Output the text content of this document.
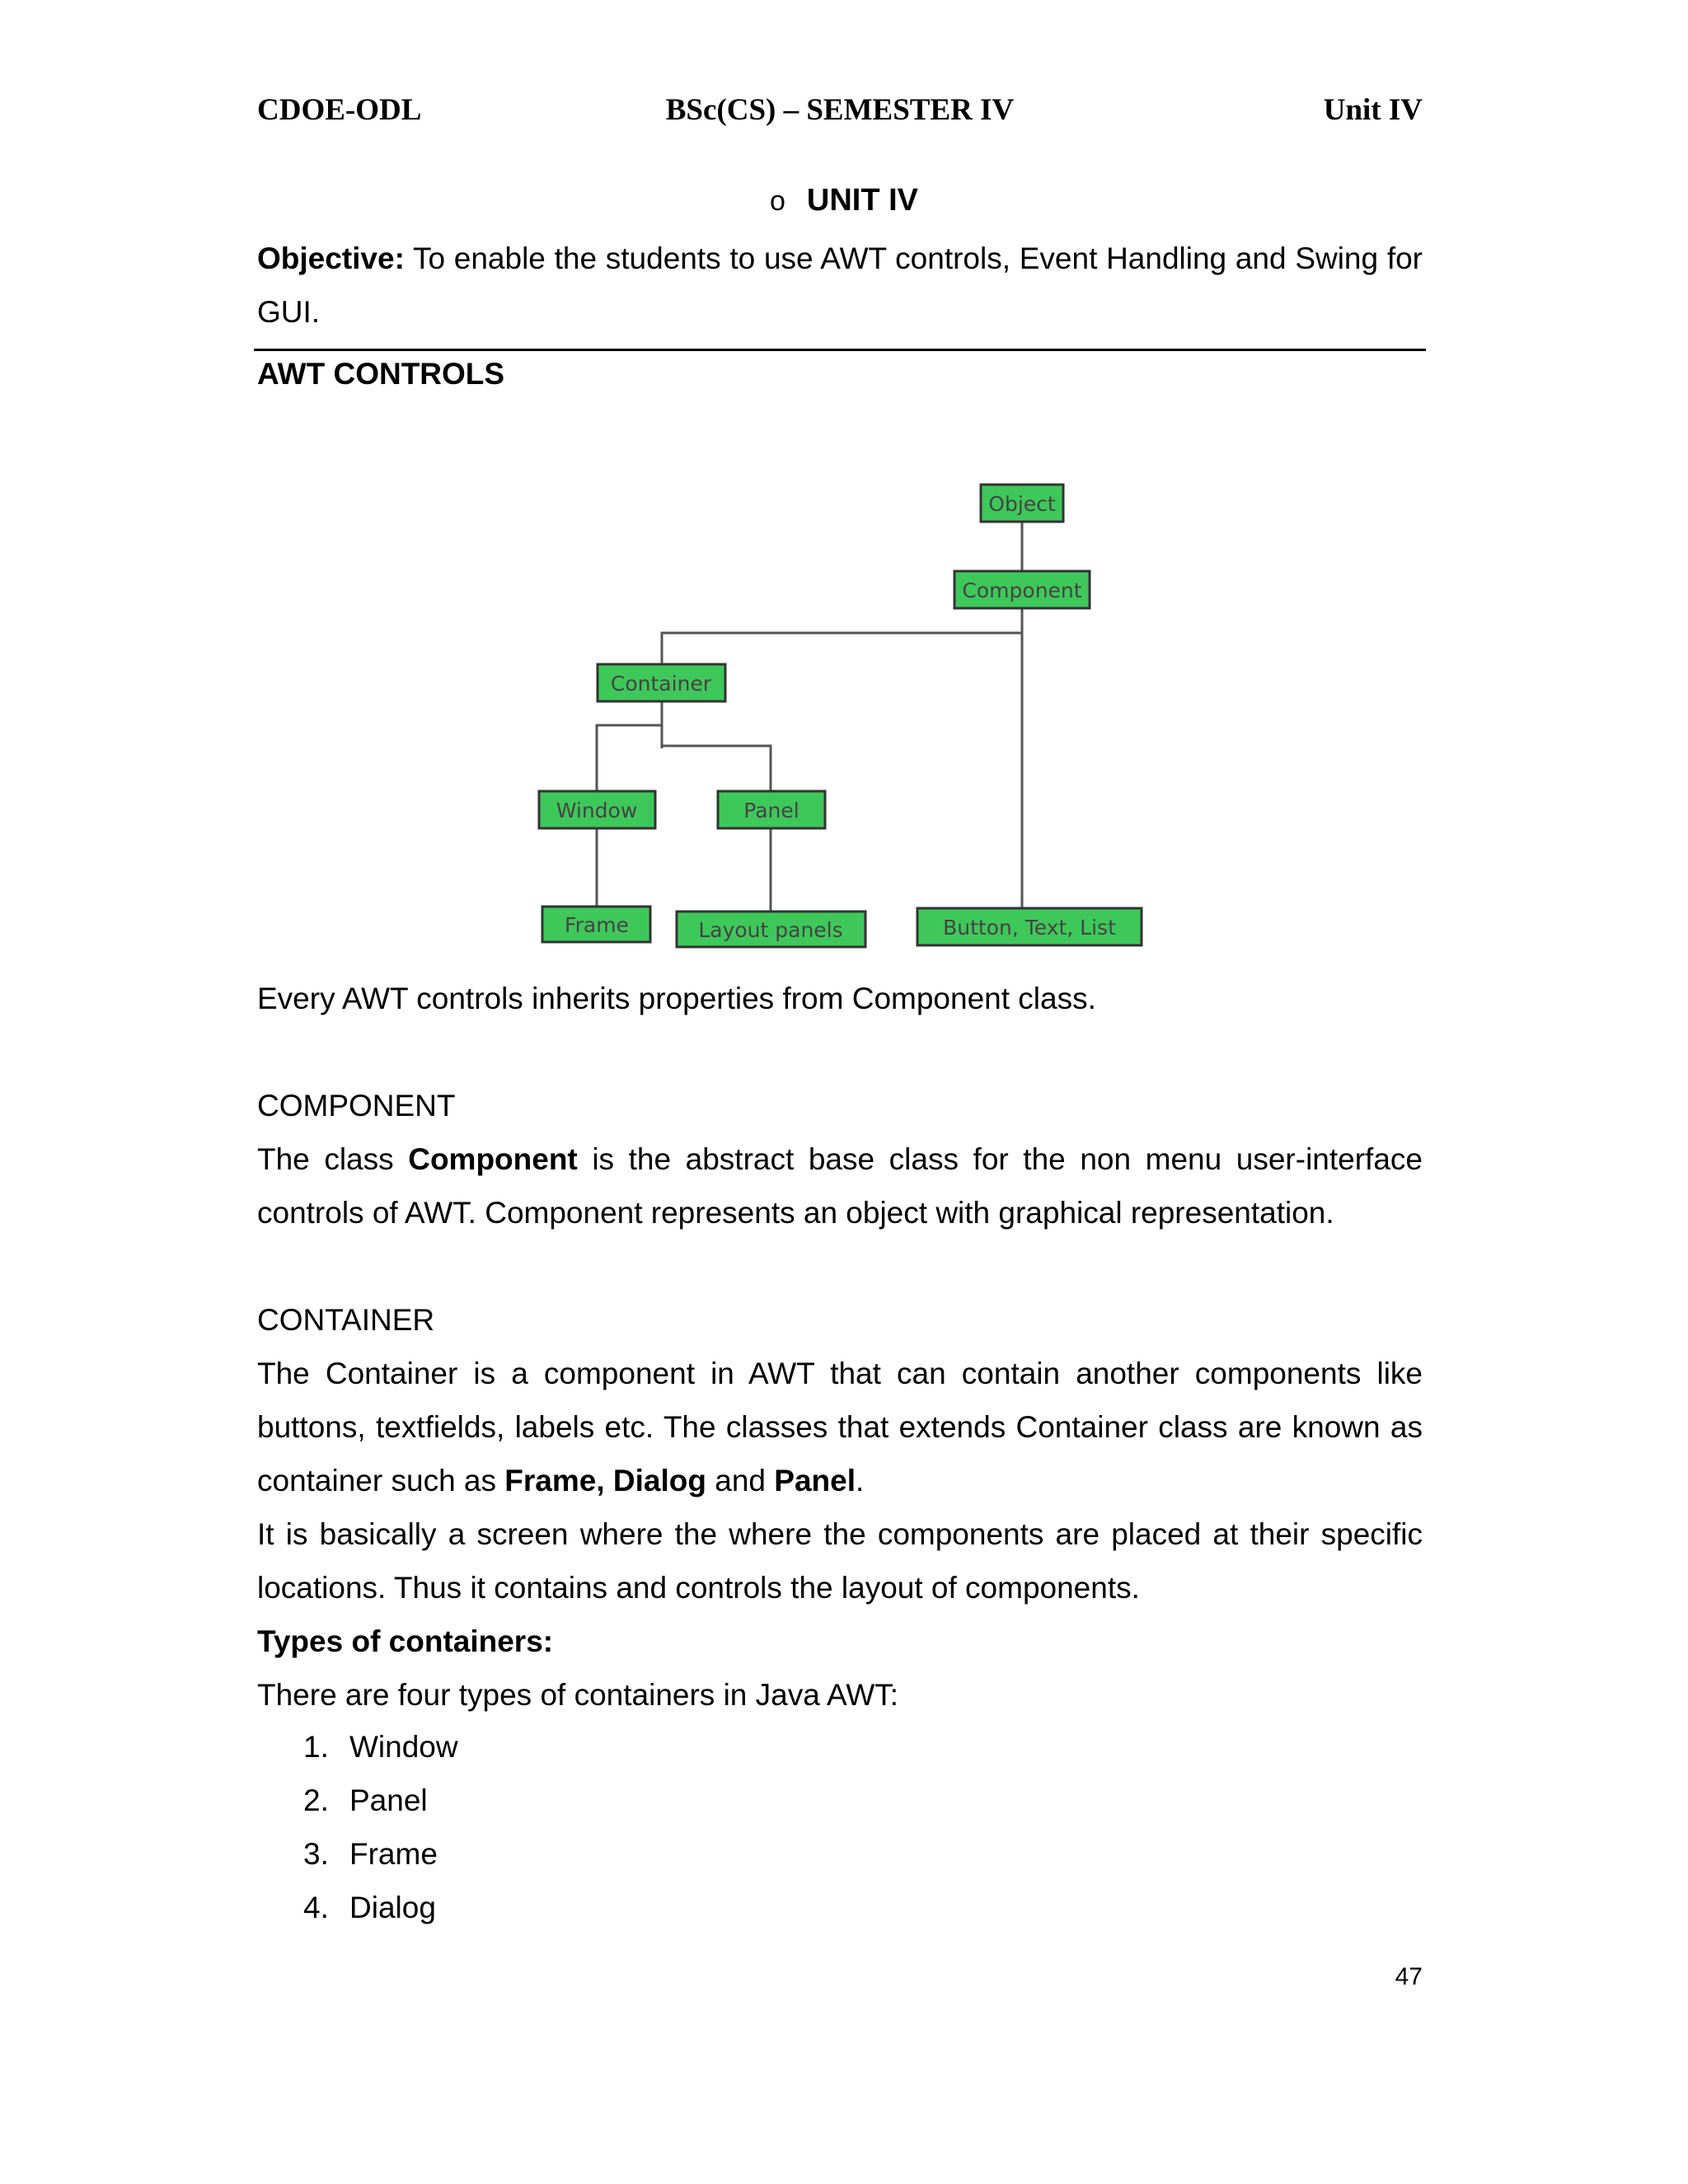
CDOE-ODL	BSc(CS) – SEMESTER IV	Unit IV
o UNIT IV
Objective: To enable the students to use AWT controls, Event Handling and Swing for GUI.
AWT CONTROLS
Object
Component
Container
Window	Panel
Frame	Layout panels	Button, Text, List
Every AWT controls inherits properties from Component class.
COMPONENT
The class Component is the abstract base class for the non menu user-interface controls of AWT. Component represents an object with graphical representation.
CONTAINER
The Container is a component in AWT that can contain another components like buttons, textfields, labels etc. The classes that extends Container class are known as container such as Frame, Dialog and Panel.
It is basically a screen where the where the components are placed at their specific locations. Thus it contains and controls the layout of components.
Types of containers:
There are four types of containers in Java AWT:
1. Window
2. Panel
3. Frame
4. Dialog
47
